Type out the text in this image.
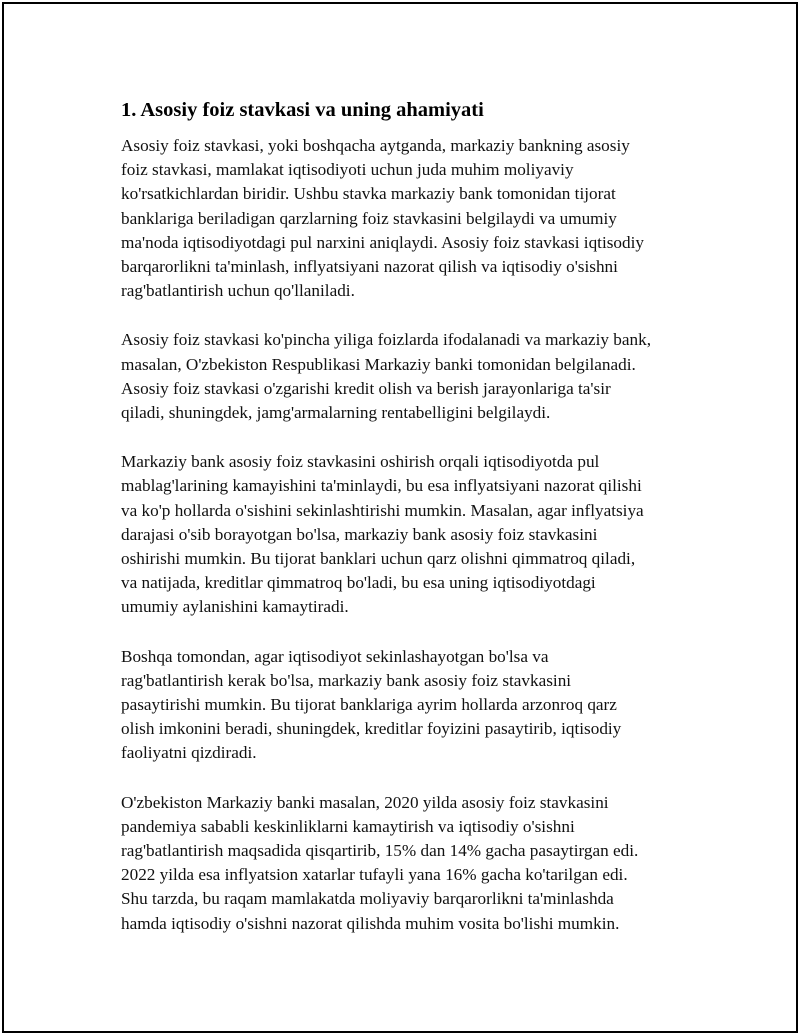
1. Asosiy foiz stavkasi va uning ahamiyati

Asosiy foiz stavkasi, yoki boshqacha aytganda, markaziy bankning asosiy
foiz stavkasi, mamlakat iqtisodiyoti uchun juda muhim moliyaviy
ko'rsatkichlardan biridir. Ushbu stavka markaziy bank tomonidan tijorat
banklariga beriladigan qarzlarning foiz stavkasini belgilaydi va umumiy
ma'noda iqtisodiyotdagi pul narxini aniqlaydi. Asosiy foiz stavkasi iqtisodiy
barqarorlikni ta'minlash, inflyatsiyani nazorat qilish va iqtisodiy o'sishni
rag'batlantirish uchun qo'llaniladi.

Asosiy foiz stavkasi ko'pincha yiliga foizlarda ifodalanadi va markaziy bank,
masalan, O'zbekiston Respublikasi Markaziy banki tomonidan belgilanadi.
Asosiy foiz stavkasi o'zgarishi kredit olish va berish jarayonlariga ta'sir
qiladi, shuningdek, jamg'armalarning rentabelligini belgilaydi.

Markaziy bank asosiy foiz stavkasini oshirish orqali iqtisodiyotda pul
mablag'larining kamayishini ta'minlaydi, bu esa inflyatsiyani nazorat qilishi
va ko'p hollarda o'sishini sekinlashtirishi mumkin. Masalan, agar inflyatsiya
darajasi o'sib borayotgan bo'lsa, markaziy bank asosiy foiz stavkasini
oshirishi mumkin. Bu tijorat banklari uchun qarz olishni qimmatroq qiladi,
va natijada, kreditlar qimmatroq bo'ladi, bu esa uning iqtisodiyotdagi
umumiy aylanishini kamaytiradi.

Boshqa tomondan, agar iqtisodiyot sekinlashayotgan bo'lsa va
rag'batlantirish kerak bo'lsa, markaziy bank asosiy foiz stavkasini
pasaytirishi mumkin. Bu tijorat banklariga ayrim hollarda arzonroq qarz
olish imkonini beradi, shuningdek, kreditlar foyizini pasaytirib, iqtisodiy
faoliyatni qizdiradi.

O'zbekiston Markaziy banki masalan, 2020 yilda asosiy foiz stavkasini
pandemiya sababli keskinliklarni kamaytirish va iqtisodiy o'sishni
rag'batlantirish maqsadida qisqartirib, 15% dan 14% gacha pasaytirgan edi.
2022 yilda esa inflyatsion xatarlar tufayli yana 16% gacha ko'tarilgan edi.
Shu tarzda, bu raqam mamlakatda moliyaviy barqarorlikni ta'minlashda
hamda iqtisodiy o'sishni nazorat qilishda muhim vosita bo'lishi mumkin.
